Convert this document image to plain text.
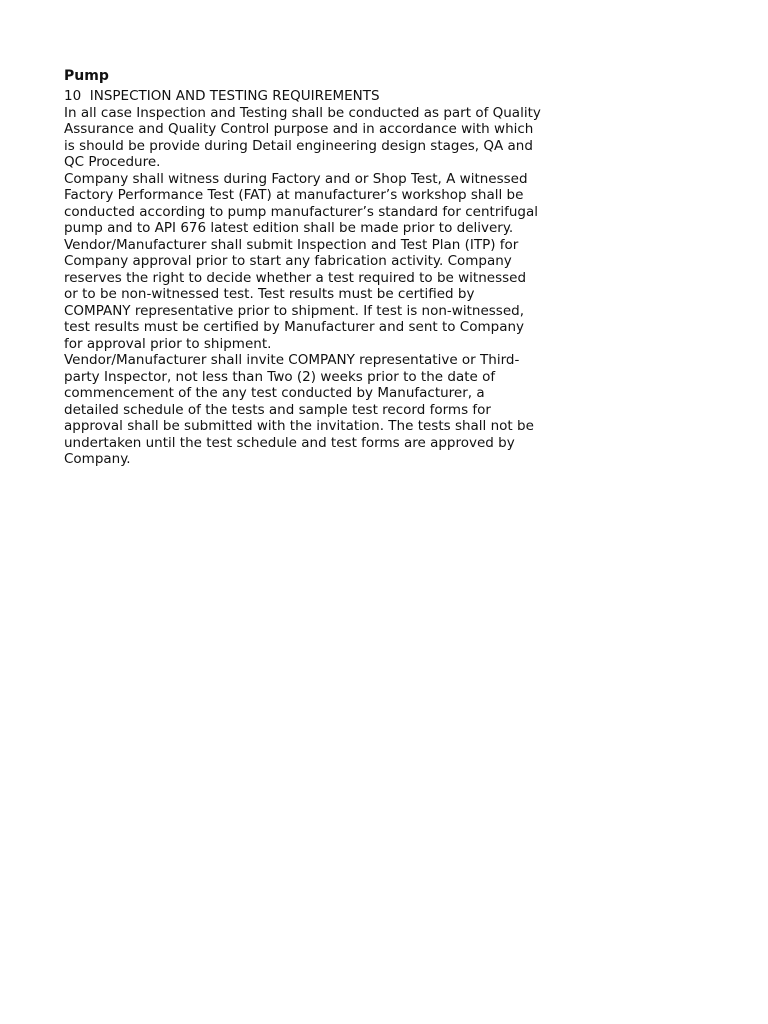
Pump

10  INSPECTION AND TESTING REQUIREMENTS

In all case Inspection and Testing shall be conducted as part of Quality

Assurance and Quality Control purpose and in accordance with which

is should be provide during Detail engineering design stages, QA and

QC Procedure.

Company shall witness during Factory and or Shop Test, A witnessed

Factory Performance Test (FAT) at manufacturer’s workshop shall be

conducted according to pump manufacturer’s standard for centrifugal

pump and to API 676 latest edition shall be made prior to delivery.

Vendor/Manufacturer shall submit Inspection and Test Plan (ITP) for

Company approval prior to start any fabrication activity. Company

reserves the right to decide whether a test required to be witnessed

or to be non-witnessed test. Test results must be certified by

COMPANY representative prior to shipment. If test is non-witnessed,

test results must be certified by Manufacturer and sent to Company

for approval prior to shipment.

Vendor/Manufacturer shall invite COMPANY representative or Third-

party Inspector, not less than Two (2) weeks prior to the date of

commencement of the any test conducted by Manufacturer, a

detailed schedule of the tests and sample test record forms for

approval shall be submitted with the invitation. The tests shall not be

undertaken until the test schedule and test forms are approved by

Company.
